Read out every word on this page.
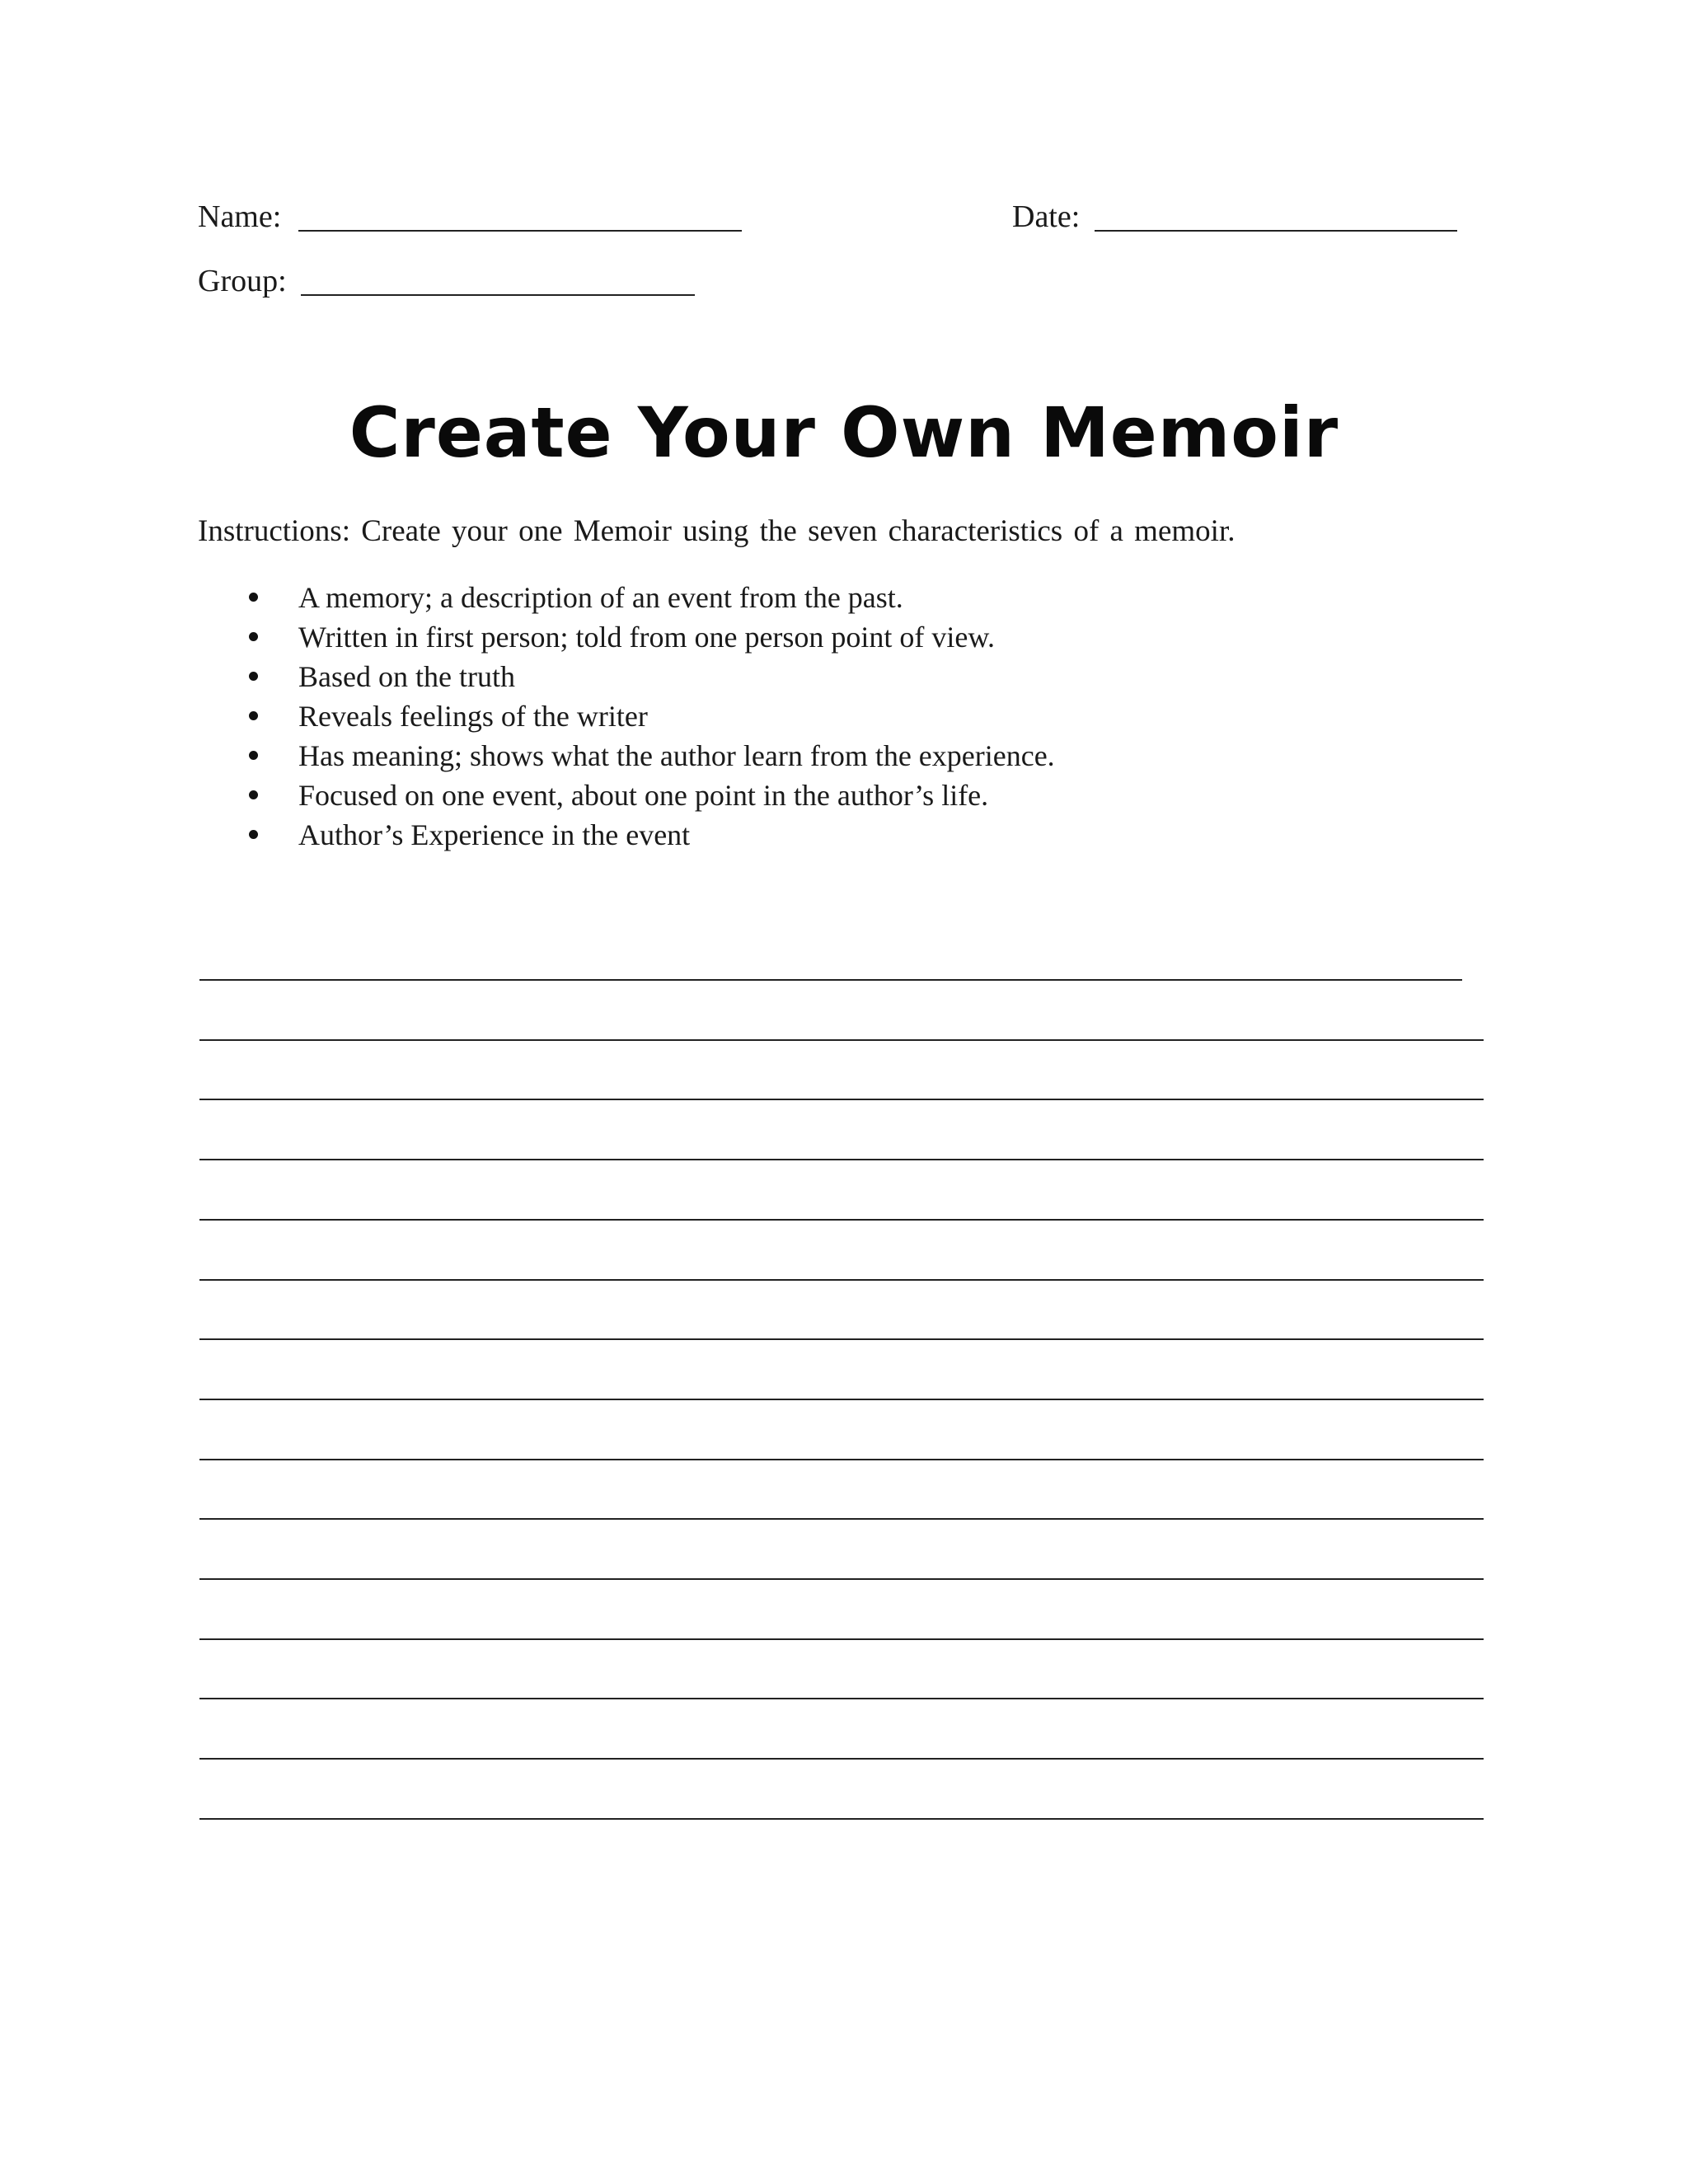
Name:	Date:
Group:
Create Your Own Memoir
Instructions: Create your one Memoir using the seven characteristics of a memoir.
A memory; a description of an event from the past.
Written in first person; told from one person point of view.
Based on the truth
Reveals feelings of the writer
Has meaning; shows what the author learn from the experience.
Focused on one event, about one point in the author’s life.
Author’s Experience in the event
